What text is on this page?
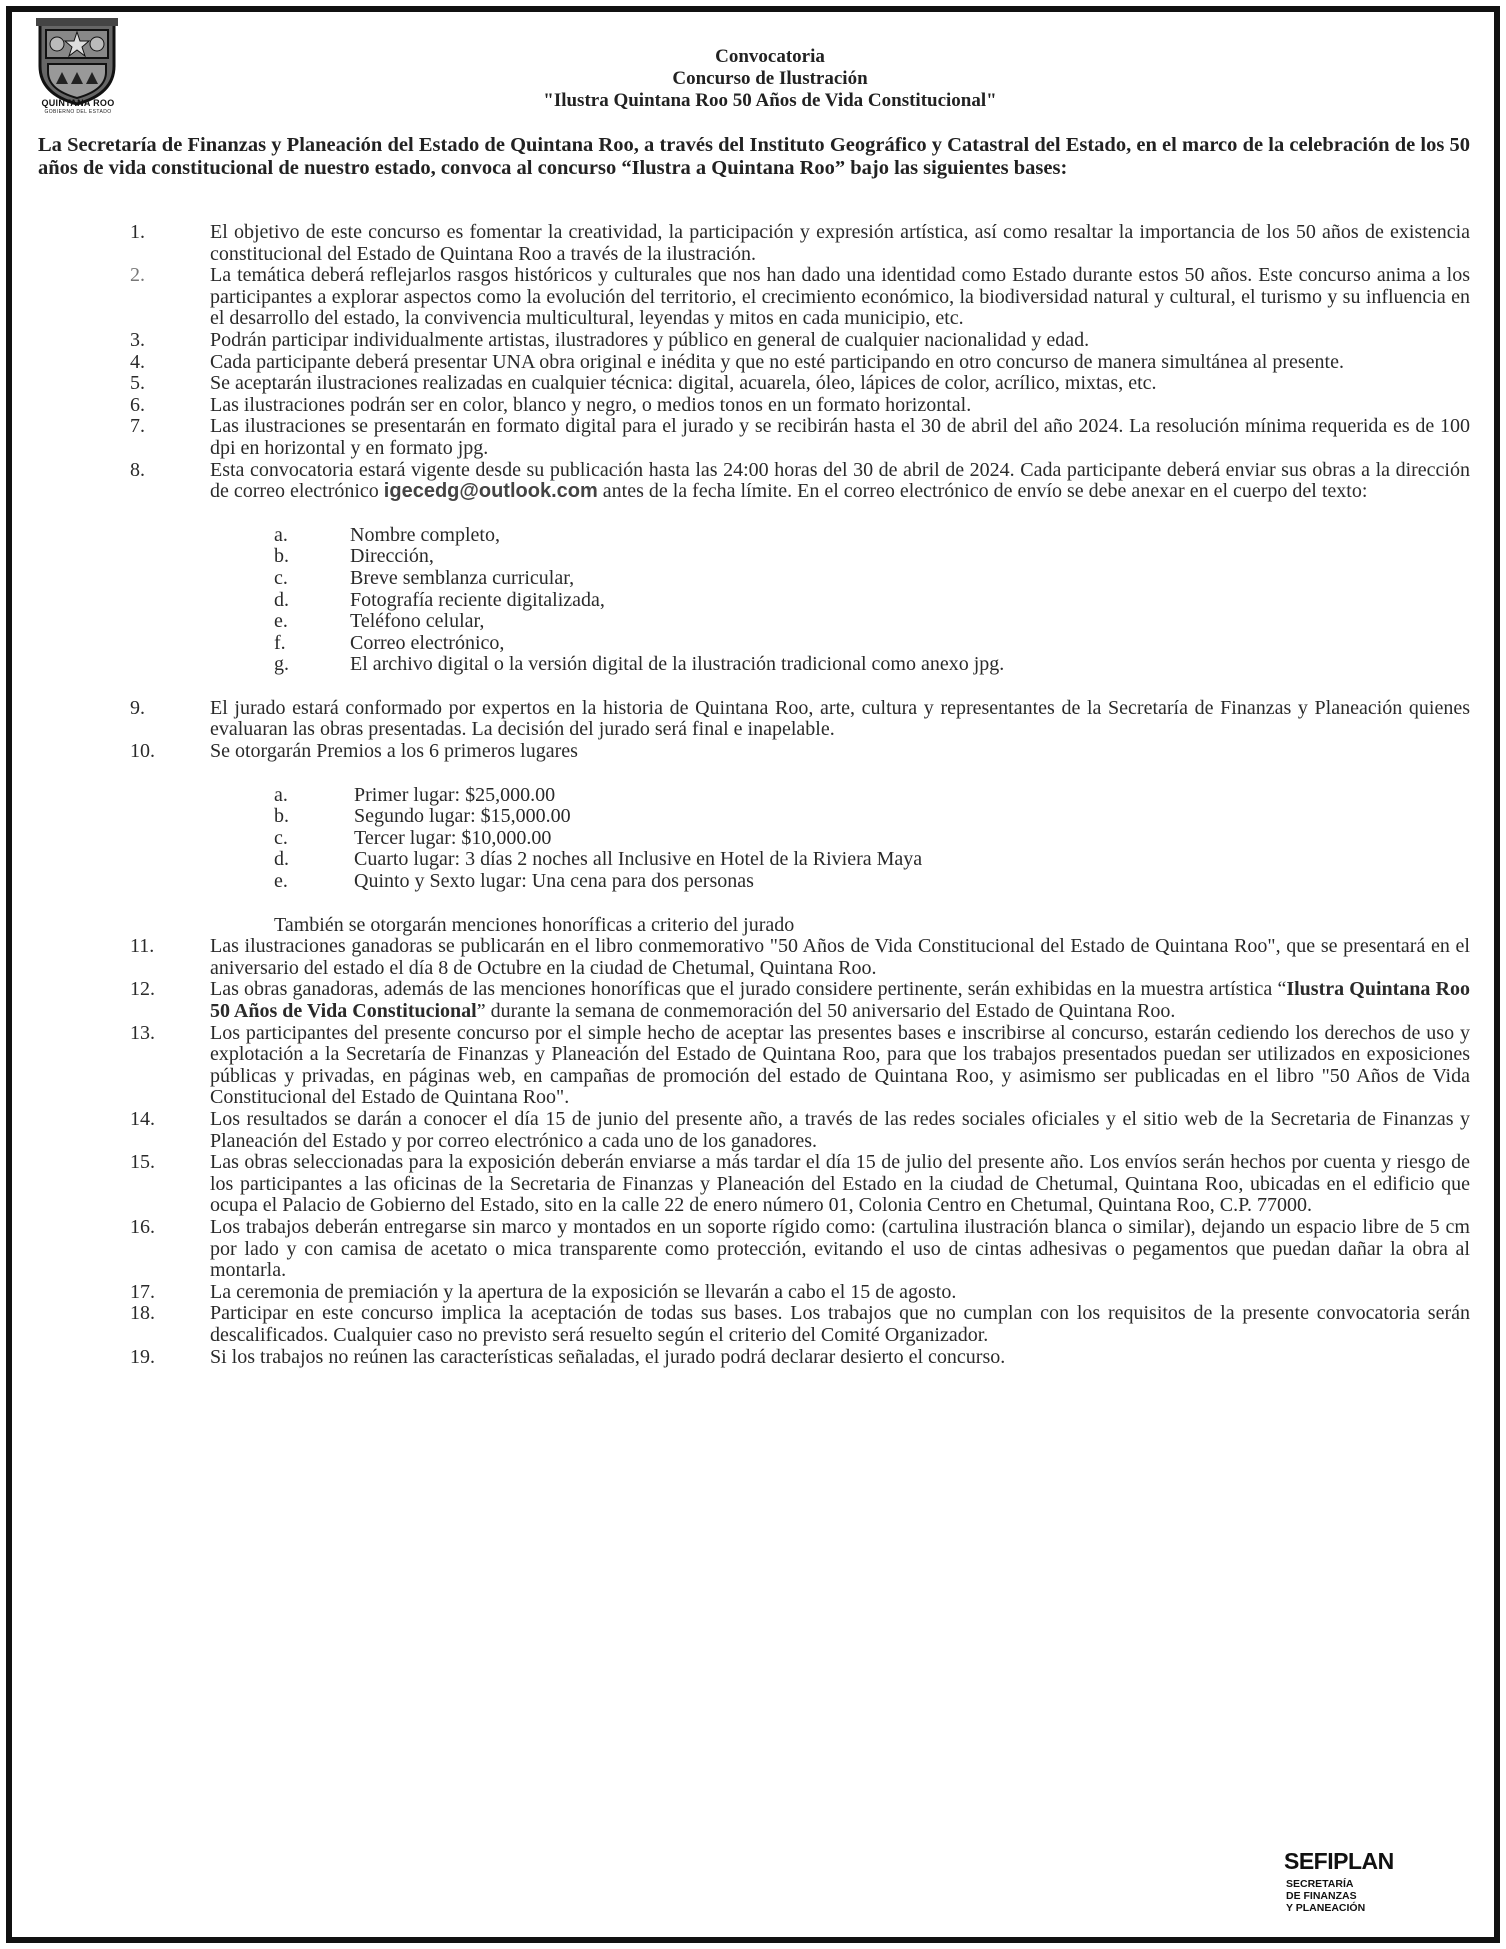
QUINTANA ROO
GOBIERNO DEL ESTADO
Convocatoria
Concurso de Ilustración
"Ilustra Quintana Roo 50 Años de Vida Constitucional"
La Secretaría de Finanzas y Planeación del Estado de Quintana Roo, a través del Instituto Geográfico y Catastral del Estado, en el marco de la celebración de los 50 años de vida constitucional de nuestro estado, convoca al concurso “Ilustra a Quintana Roo” bajo las siguientes bases:
1.	El objetivo de este concurso es fomentar la creatividad, la participación y expresión artística, así como resaltar la importancia de los 50 años de existencia constitucional del Estado de Quintana Roo a través de la ilustración.
2.	La temática deberá reflejarlos rasgos históricos y culturales que nos han dado una identidad como Estado durante estos 50 años. Este concurso anima a los participantes a explorar aspectos como la evolución del territorio, el crecimiento económico, la biodiversidad natural y cultural, el turismo y su influencia en el desarrollo del estado, la convivencia multicultural, leyendas y mitos en cada municipio, etc.
3.	Podrán participar individualmente artistas, ilustradores y público en general de cualquier nacionalidad y edad.
4.	Cada participante deberá presentar UNA obra original e inédita y que no esté participando en otro concurso de manera simultánea al presente.
5.	Se aceptarán ilustraciones realizadas en cualquier técnica: digital, acuarela, óleo, lápices de color, acrílico, mixtas, etc.
6.	Las ilustraciones podrán ser en color, blanco y negro, o medios tonos en un formato horizontal.
7.	Las ilustraciones se presentarán en formato digital para el jurado y se recibirán hasta el 30 de abril del año 2024. La resolución mínima requerida es de 100 dpi en horizontal y en formato jpg.
8.	Esta convocatoria estará vigente desde su publicación hasta las 24:00 horas del 30 de abril de 2024. Cada participante deberá enviar sus obras a la dirección de correo electrónico igecedg@outlook.com antes de la fecha límite. En el correo electrónico de envío se debe anexar en el cuerpo del texto:
a.	Nombre completo,
b.	Dirección,
c.	Breve semblanza curricular,
d.	Fotografía reciente digitalizada,
e.	Teléfono celular,
f.	Correo electrónico,
g.	El archivo digital o la versión digital de la ilustración tradicional como anexo jpg.
9.	El jurado estará conformado por expertos en la historia de Quintana Roo, arte, cultura y representantes de la Secretaría de Finanzas y Planeación quienes evaluaran las obras presentadas. La decisión del jurado será final e inapelable.
10.	Se otorgarán Premios a los 6 primeros lugares
a.	Primer lugar: $25,000.00
b.	Segundo lugar: $15,000.00
c.	Tercer lugar: $10,000.00
d.	Cuarto lugar: 3 días 2 noches all Inclusive en Hotel de la Riviera Maya
e.	Quinto y Sexto lugar: Una cena para dos personas
También se otorgarán menciones honoríficas a criterio del jurado
11.	Las ilustraciones ganadoras se publicarán en el libro conmemorativo "50 Años de Vida Constitucional del Estado de Quintana Roo", que se presentará en el aniversario del estado el día 8 de Octubre en la ciudad de Chetumal, Quintana Roo.
12.	Las obras ganadoras, además de las menciones honoríficas que el jurado considere pertinente, serán exhibidas en la muestra artística “Ilustra Quintana Roo 50 Años de Vida Constitucional” durante la semana de conmemoración del 50 aniversario del Estado de Quintana Roo.
13.	Los participantes del presente concurso por el simple hecho de aceptar las presentes bases e inscribirse al concurso, estarán cediendo los derechos de uso y explotación a la Secretaría de Finanzas y Planeación del Estado de Quintana Roo, para que los trabajos presentados puedan ser utilizados en exposiciones públicas y privadas, en páginas web, en campañas de promoción del estado de Quintana Roo, y asimismo ser publicadas en el libro "50 Años de Vida Constitucional del Estado de Quintana Roo".
14.	Los resultados se darán a conocer el día 15 de junio del presente año, a través de las redes sociales oficiales y el sitio web de la Secretaria de Finanzas y Planeación del Estado y por correo electrónico a cada uno de los ganadores.
15.	Las obras seleccionadas para la exposición deberán enviarse a más tardar el día 15 de julio del presente año. Los envíos serán hechos por cuenta y riesgo de los participantes a las oficinas de la Secretaria de Finanzas y Planeación del Estado en la ciudad de Chetumal, Quintana Roo, ubicadas en el edificio que ocupa el Palacio de Gobierno del Estado, sito en la calle 22 de enero número 01, Colonia Centro en Chetumal, Quintana Roo, C.P. 77000.
16.	Los trabajos deberán entregarse sin marco y montados en un soporte rígido como: (cartulina ilustración blanca o similar), dejando un espacio libre de 5 cm por lado y con camisa de acetato o mica transparente como protección, evitando el uso de cintas adhesivas o pegamentos que puedan dañar la obra al montarla.
17.	La ceremonia de premiación y la apertura de la exposición se llevarán a cabo el 15 de agosto.
18.	Participar en este concurso implica la aceptación de todas sus bases. Los trabajos que no cumplan con los requisitos de la presente convocatoria serán descalificados. Cualquier caso no previsto será resuelto según el criterio del Comité Organizador.
19.	Si los trabajos no reúnen las características señaladas, el jurado podrá declarar desierto el concurso.
SEFIPLAN
SECRETARÍA
DE FINANZAS
Y PLANEACIÓN
